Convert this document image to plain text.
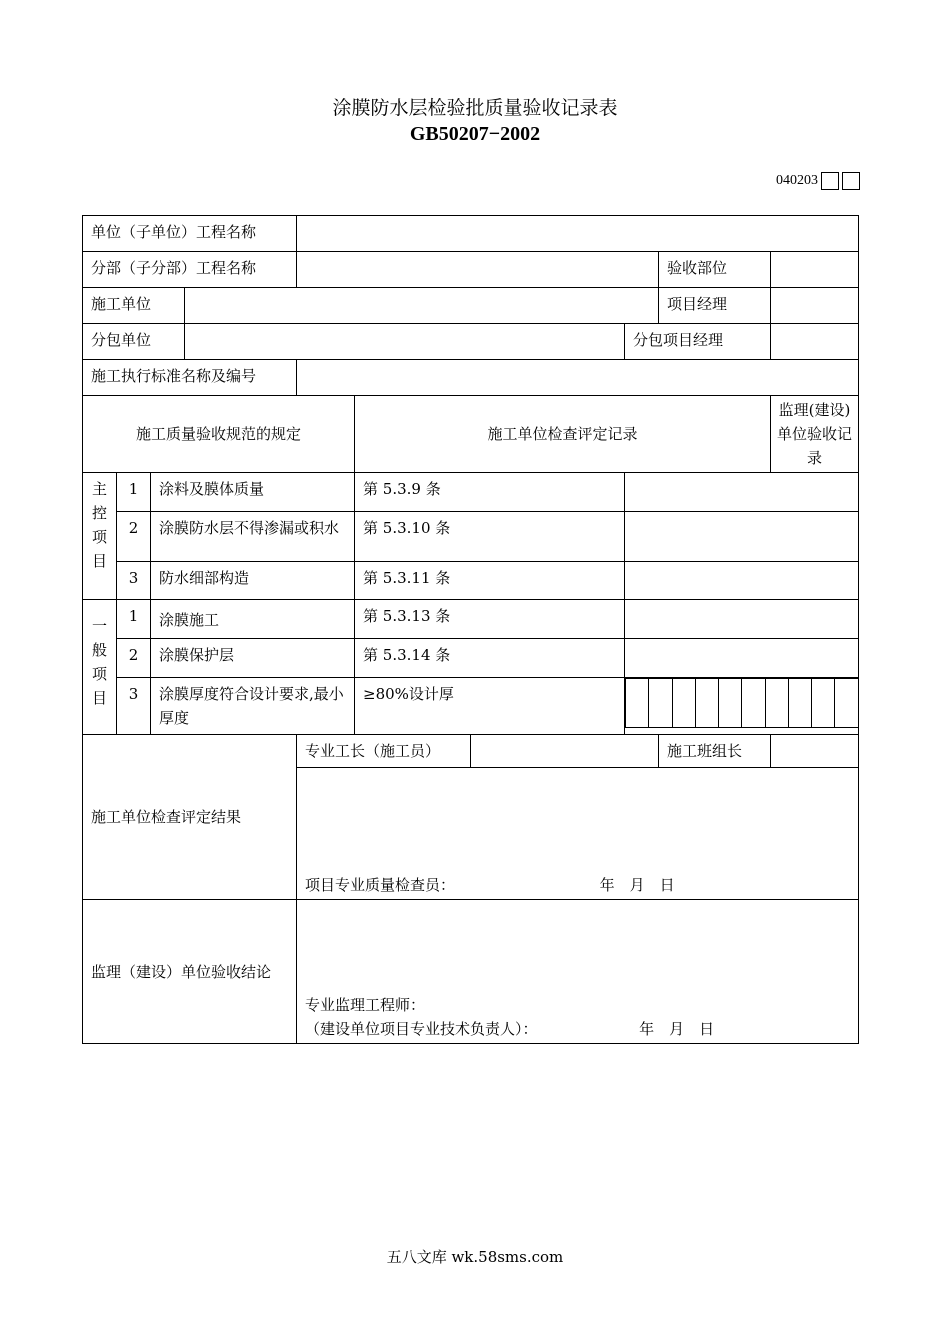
涂膜防水层检验批质量验收记录表
GB50207−2002
040203
单位（子单位）工程名称	
分部（子分部）工程名称		验收部位	
施工单位		项目经理	
分包单位		分包项目经理	
施工执行标准名称及编号	
施工质量验收规范的规定	施工单位检查评定记录	监理(建设)单位验收记录
主
控
项
目	1	涂料及膜体质量	第 5.3.9 条		
2	涂膜防水层不得渗漏或积水	第 5.3.10 条	
3	防水细部构造	第 5.3.11 条	
一
般
项
目	1	涂膜施工	第 5.3.13 条	
2	涂膜保护层	第 5.3.14 条	
3	涂膜厚度符合设计要求,最小厚度	≥80%设计厚	

施工单位检查评定结果	专业工长（施工员）		施工班组长	
项目专业质量检查员：	年　月　日
监理（建设）单位验收结论	
专业监理工程师：
（建设单位项目专业技术负责人）：	年　月　日
五八文库 wk.58sms.com
